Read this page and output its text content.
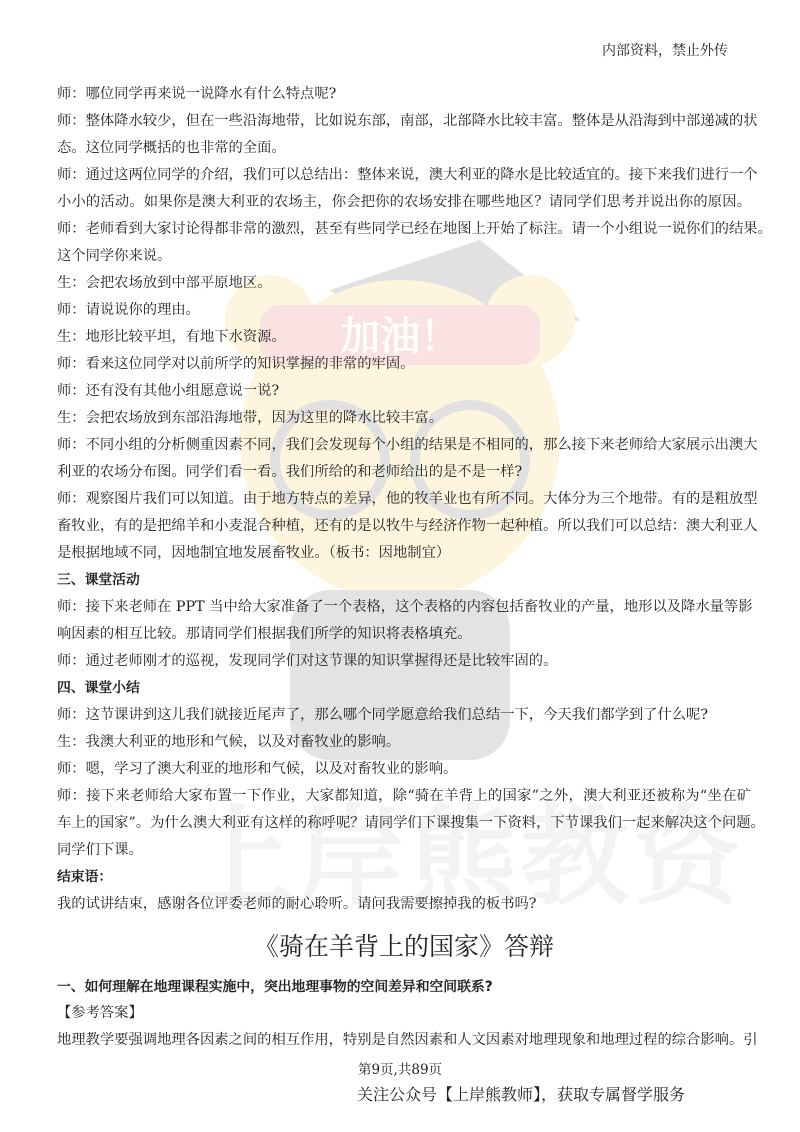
加油！
内部资料，禁止外传
师：哪位同学再来说一说降水有什么特点呢?
师：整体降水较少，但在一些沿海地带，比如说东部，南部，北部降水比较丰富。整体是从沿海到中部递减的状
态。这位同学概括的也非常的全面。
师：通过这两位同学的介绍，我们可以总结出：整体来说，澳大利亚的降水是比较适宜的。接下来我们进行一个
小小的活动。如果你是澳大利亚的农场主，你会把你的农场安排在哪些地区？请同学们思考并说出你的原因。
师：老师看到大家讨论得都非常的激烈，甚至有些同学已经在地图上开始了标注。请一个小组说一说你们的结果。
这个同学你来说。
生：会把农场放到中部平原地区。
师：请说说你的理由。
生：地形比较平坦，有地下水资源。
师：看来这位同学对以前所学的知识掌握的非常的牢固。
师：还有没有其他小组愿意说一说?
生：会把农场放到东部沿海地带，因为这里的降水比较丰富。
师：不同小组的分析侧重因素不同，我们会发现每个小组的结果是不相同的，那么接下来老师给大家展示出澳大
利亚的农场分布图。同学们看一看。我们所给的和老师给出的是不是一样?
师：观察图片我们可以知道。由于地方特点的差异，他的牧羊业也有所不同。大体分为三个地带。有的是粗放型
畜牧业，有的是把绵羊和小麦混合种植，还有的是以牧牛与经济作物一起种植。所以我们可以总结：澳大利亚人
是根据地域不同，因地制宜地发展畜牧业。（板书：因地制宜）
三、课堂活动
师：接下来老师在 PPT 当中给大家准备了一个表格，这个表格的内容包括畜牧业的产量，地形以及降水量等影
响因素的相互比较。那请同学们根据我们所学的知识将表格填充。
师：通过老师刚才的巡视，发现同学们对这节课的知识掌握得还是比较牢固的。
四、课堂小结
师：这节课讲到这儿我们就接近尾声了，那么哪个同学愿意给我们总结一下，今天我们都学到了什么呢?
生：我澳大利亚的地形和气候，以及对畜牧业的影响。
师：嗯，学习了澳大利亚的地形和气候，以及对畜牧业的影响。
师：接下来老师给大家布置一下作业，大家都知道，除“骑在羊背上的国家”之外，澳大利亚还被称为“坐在矿
车上的国家”。为什么澳大利亚有这样的称呼呢？请同学们下课搜集一下资料，下节课我们一起来解决这个问题。
同学们下课。
结束语：
我的试讲结束，感谢各位评委老师的耐心聆听。请问我需要擦掉我的板书吗?
《骑在羊背上的国家》答辩
一、如何理解在地理课程实施中，突出地理事物的空间差异和空间联系?
【参考答案】
地理教学要强调地理各因素之间的相互作用，特别是自然因素和人文因素对地理现象和地理过程的综合影响。引
第9页,共89页
关注公众号【上岸熊教师】，获取专属督学服务
